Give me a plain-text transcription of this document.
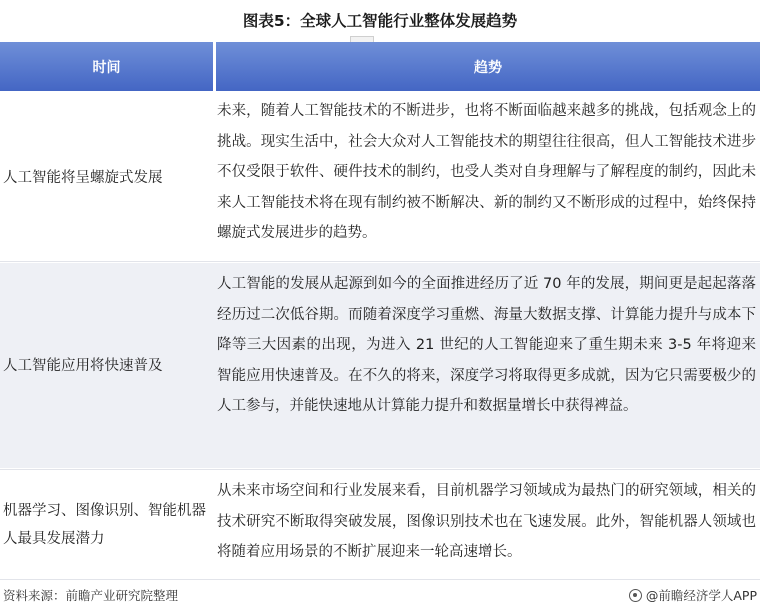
图表5：全球人工智能行业整体发展趋势
时间	趋势
人工智能将呈螺旋式发展
未来，随着人工智能技术的不断进步，也将不断面临越来越多的挑战，包括观念上的挑战。现实生活中，社会大众对人工智能技术的期望往往很高，但人工智能技术进步不仅受限于软件、硬件技术的制约，也受人类对自身理解与了解程度的制约，因此未来人工智能技术将在现有制约被不断解决、新的制约又不断形成的过程中，始终保持螺旋式发展进步的趋势。
人工智能应用将快速普及
人工智能的发展从起源到如今的全面推进经历了近 70 年的发展，期间更是起起落落经历过二次低谷期。而随着深度学习重燃、海量大数据支撑、计算能力提升与成本下降等三大因素的出现，为进入 21 世纪的人工智能迎来了重生期未来 3-5 年将迎来智能应用快速普及。在不久的将来，深度学习将取得更多成就，因为它只需要极少的人工参与，并能快速地从计算能力提升和数据量增长中获得裨益。
机器学习、图像识别、智能机器人最具发展潜力
从未来市场空间和行业发展来看，目前机器学习领域成为最热门的研究领域，相关的技术研究不断取得突破发展，图像识别技术也在飞速发展。此外，智能机器人领域也将随着应用场景的不断扩展迎来一轮高速增长。
资料来源：前瞻产业研究院整理	@前瞻经济学人APP
